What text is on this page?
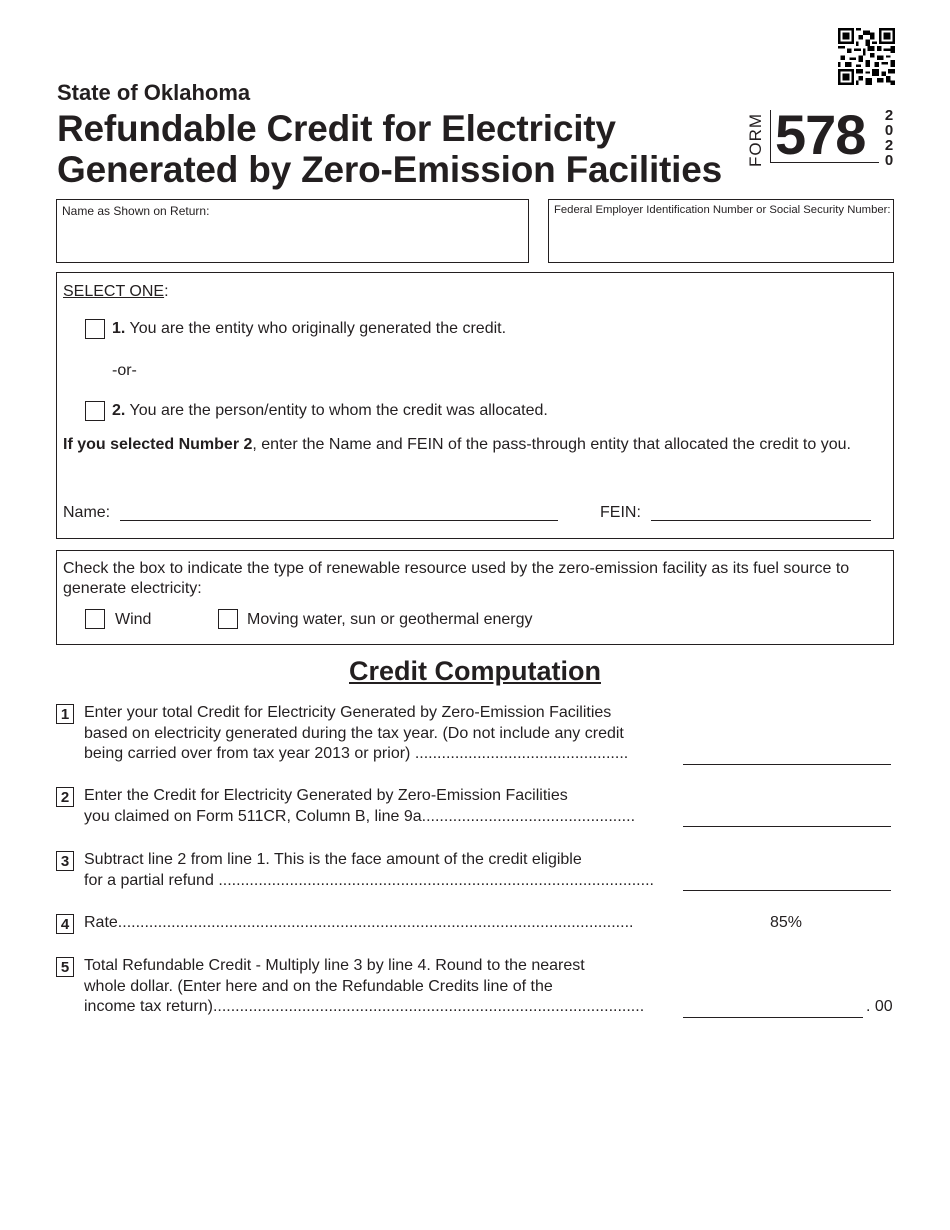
State of Oklahoma
Refundable Credit for Electricity
Generated by Zero-Emission Facilities
FORM 578	2
0
2
0
Name as Shown on Return:	Federal Employer Identification Number or Social Security Number:
SELECT ONE:
1. You are the entity who originally generated the credit.
-or-
2. You are the person/entity to whom the credit was allocated.
If you selected Number 2, enter the Name and FEIN of the pass-through entity that allocated the credit to you.
Name:	FEIN:
Check the box to indicate the type of renewable resource used by the zero-emission facility as its fuel source to generate electricity:
Wind	Moving water, sun or geothermal energy
Credit Computation
1 Enter your total Credit for Electricity Generated by Zero-Emission Facilities
based on electricity generated during the tax year. (Do not include any credit
being carried over from tax year 2013 or prior) ................................................
2 Enter the Credit for Electricity Generated by Zero-Emission Facilities
you claimed on Form 511CR, Column B, line 9a................................................
3 Subtract line 2 from line 1. This is the face amount of the credit eligible
for a partial refund ..................................................................................................
4 Rate....................................................................................................................	85%
5 Total Refundable Credit - Multiply line 3 by line 4. Round to the nearest
whole dollar. (Enter here and on the Refundable Credits line of the
income tax return).................................................................................................	. 00
